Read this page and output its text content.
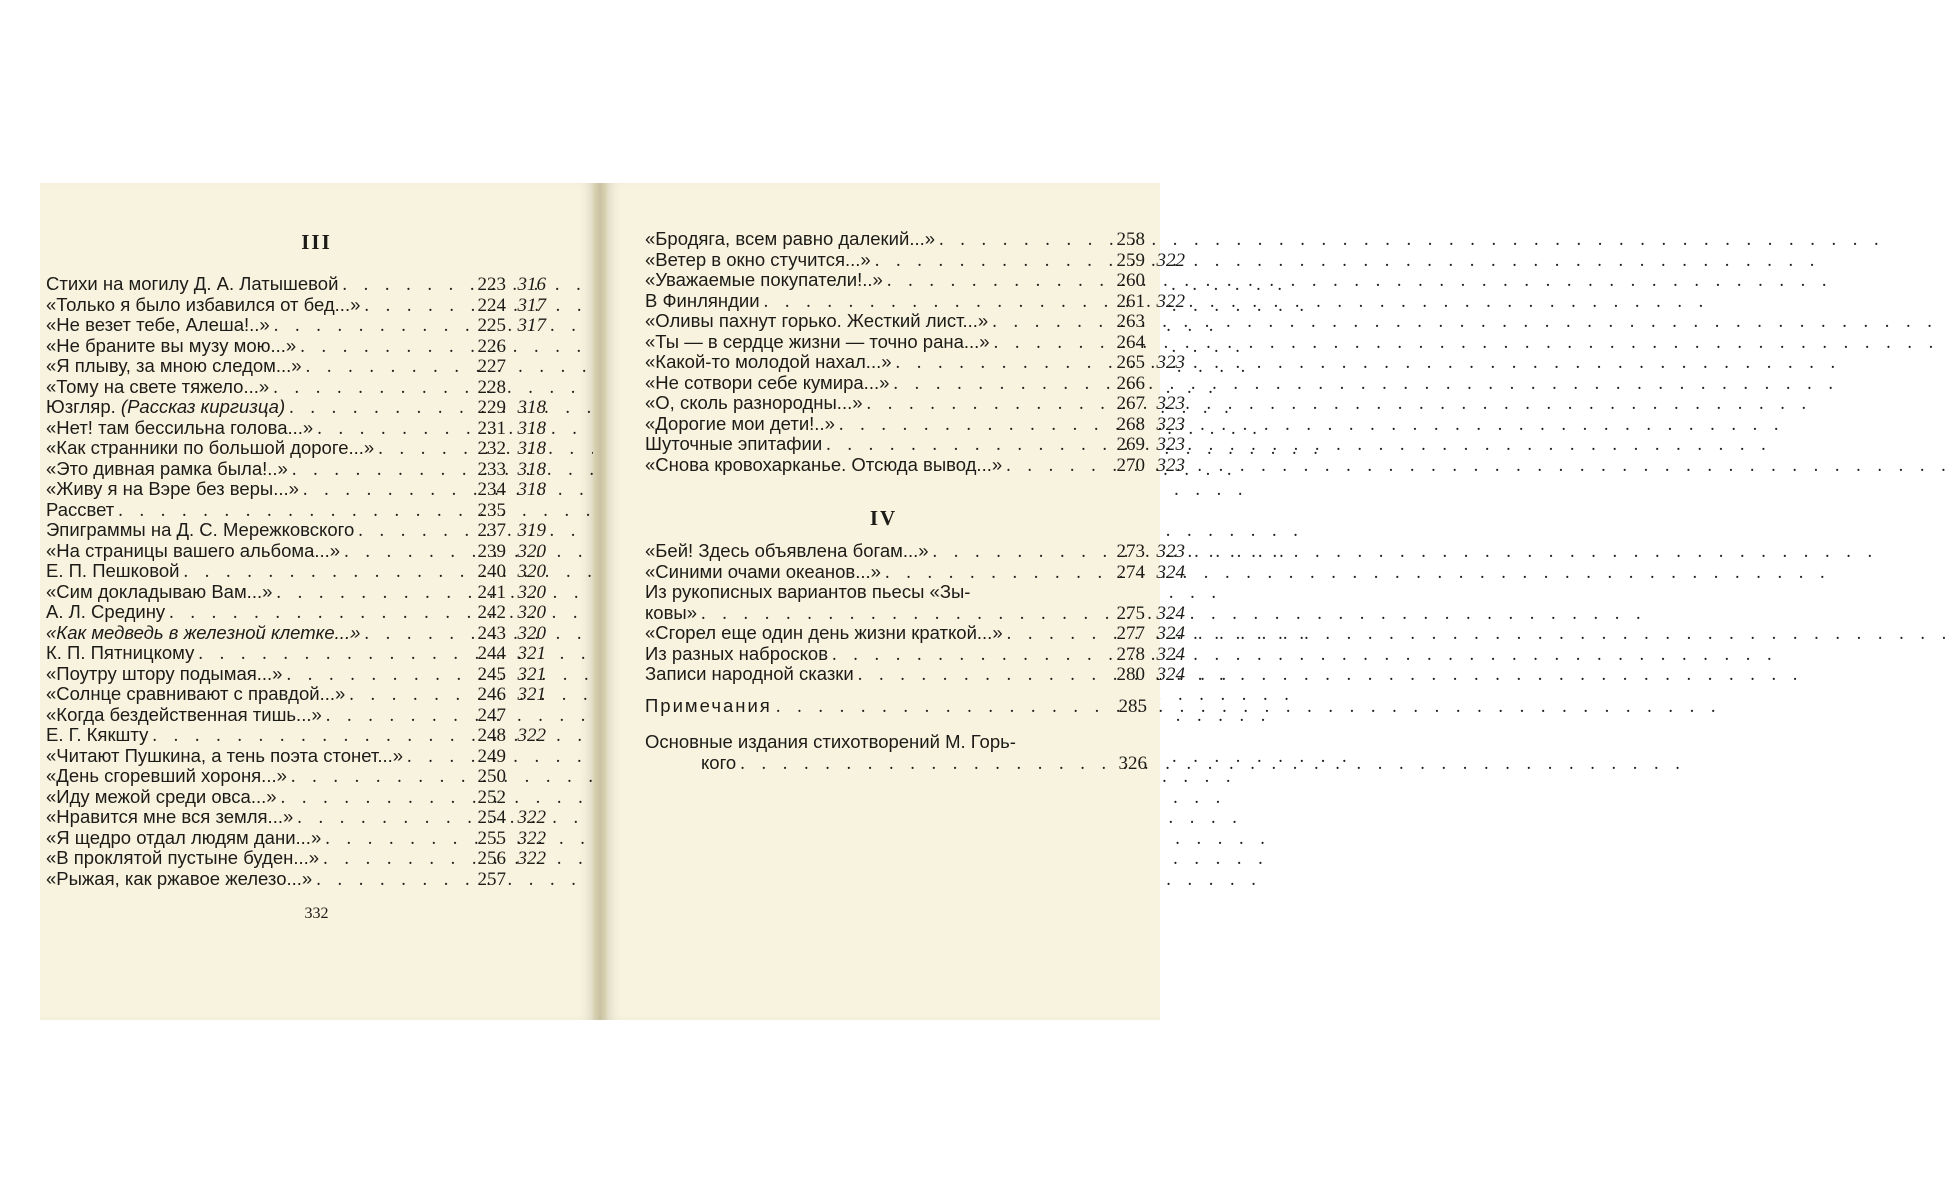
III
Стихи на могилу Д. А. Латышевой . . .	223 316
«Только я было избавился от бед...» . . .	224 317
«Не везет тебе, Алеша!..» . . .	225 317
«Не браните вы музу мою...» . . .	226
«Я плыву, за мною следом...» . . .	227
«Тому на свете тяжело...» . . .	228
Юзгляр. (Рассказ киргизца) . . .	229 318
«Нет! там бессильна голова...» . . .	231 318
«Как странники по большой дороге...» . . .	232 318
«Это дивная рамка была!..» . . .	233 318
«Живу я на Вэре без веры...» . . .	234 318
Рассвет . . .	235
Эпиграммы на Д. С. Мережковского . . .	237 319
«На страницы вашего альбома...» . . .	239 320
Е. П. Пешковой . . .	240 320
«Сим докладываю Вам...» . . .	241 320
А. Л. Средину . . .	242 320
«Как медведь в железной клетке...» . . .	243 320
К. П. Пятницкому . . .	244 321
«Поутру штору подымая...» . . .	245 321
«Солнце сравнивают с правдой...» . . .	246 321
«Когда бездейственная тишь...» . . .	247
Е. Г. Кякшту . . .	248 322
«Читают Пушкина, а тень поэта стонет...» . . .	249
«День сгоревший хороня...» . . .	250
«Иду межой среди овса...» . . .	252
«Нравится мне вся земля...» . . .	254 322
«Я щедро отдал людям дани...» . . .	255 322
«В проклятой пустыне буден...» . . .	256 322
«Рыжая, как ржавое железо...» . . .	257
332
«Бродяга, всем равно далекий...» . . .	258
«Ветер в окно стучится...» . . .	259 322
«Уважаемые покупатели!..» . . .	260
В Финляндии . . .	261 322
«Оливы пахнут горько. Жесткий лист...» . . .	263
«Ты — в сердце жизни — точно рана...» . . .	264
«Какой-то молодой нахал...» . . .	265 323
«Не сотвори себе кумира...» . . .	266
«О, сколь разнородны...» . . .	267 323
«Дорогие мои дети!..» . . .	268 323
Шуточные эпитафии . . .	269 323
«Снова кровохарканье. Отсюда вывод...» . . .	270 323
IV
«Бей! Здесь объявлена богам...» . . .	273 323
«Синими очами океанов...» . . .	274 324
Из рукописных вариантов пьесы «Зы-
ковы» . . .	275 324
«Сгорел еще один день жизни краткой...» . . .	277 324
Из разных набросков . . .	278 324
Записи народной сказки . . .	280 324
Примечания . . .	285
Основные издания стихотворений М. Горь-
кого . . .	326
